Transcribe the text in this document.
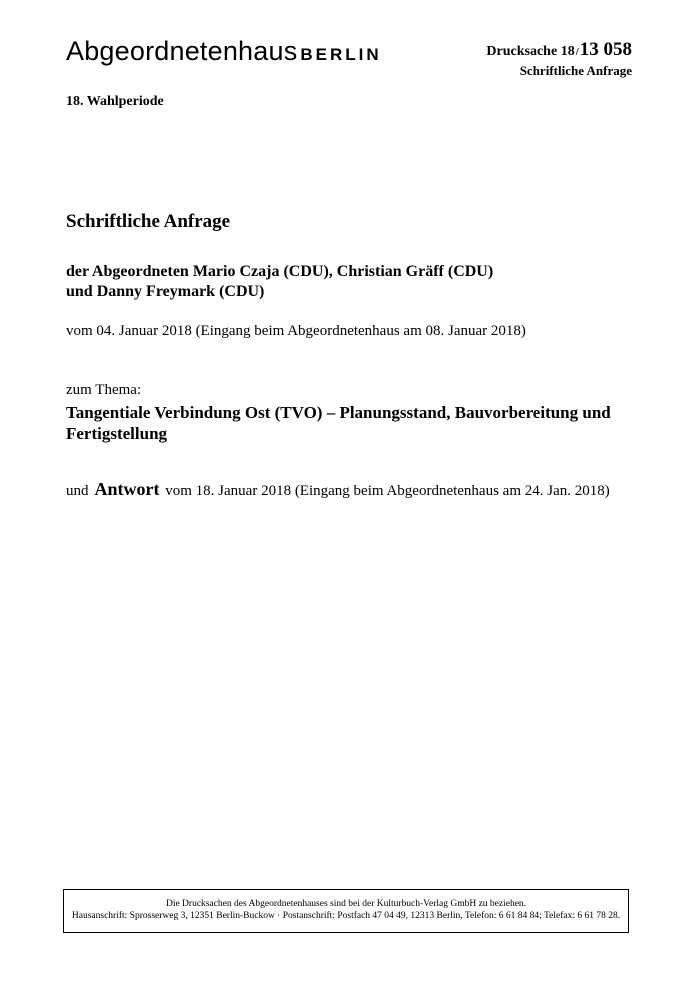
Abgeordnetenhaus BERLIN	Drucksache 18/13 058
Schriftliche Anfrage
18. Wahlperiode
Schriftliche Anfrage
der Abgeordneten Mario Czaja (CDU), Christian Gräff (CDU)
und Danny Freymark (CDU)
vom 04. Januar 2018 (Eingang beim Abgeordnetenhaus am 08. Januar 2018)
zum Thema:
Tangentiale Verbindung Ost (TVO) – Planungsstand, Bauvorbereitung und Fertigstellung
und Antwort vom 18. Januar 2018 (Eingang beim Abgeordnetenhaus am 24. Jan. 2018)
Die Drucksachen des Abgeordnetenhauses sind bei der Kulturbuch-Verlag GmbH zu beziehen.
Hausanschrift: Sprosserweg 3, 12351 Berlin-Buckow · Postanschrift: Postfach 47 04 49, 12313 Berlin, Telefon: 6 61 84 84; Telefax: 6 61 78 28.
